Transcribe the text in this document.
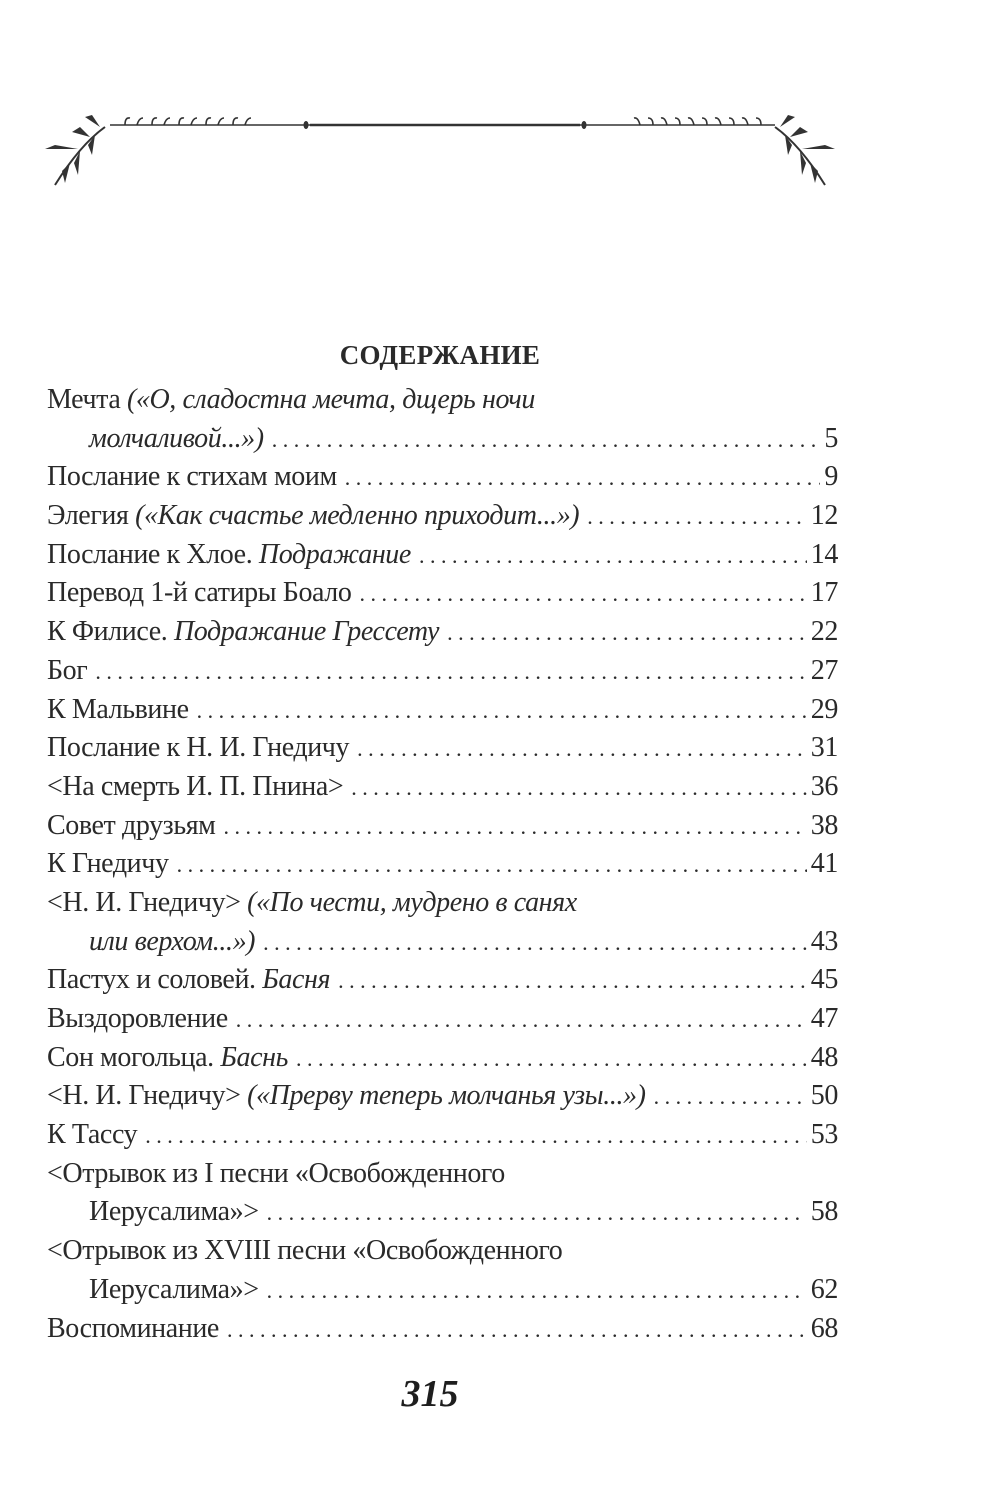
СОДЕРЖАНИЕ
Мечта («О, сладостна мечта, дщерь ночи
молчаливой...») . . .	5
Послание к стихам моим . . .	9
Элегия («Как счастье медленно приходит...») . . .	12
Послание к Хлое. Подражание . . .	14
Перевод 1-й сатиры Боало . . .	17
К Филисе. Подражание Грессету . . .	22
Бог . . .	27
К Мальвине . . .	29
Послание к Н. И. Гнедичу . . .	31
<На смерть И. П. Пнина> . . .	36
Совет друзьям . . .	38
К Гнедичу . . .	41
<Н. И. Гнедичу> («По чести, мудрено в санях
или верхом...») . . .	43
Пастух и соловей. Басня . . .	45
Выздоровление . . .	47
Сон могольца. Баснь . . .	48
<Н. И. Гнедичу> («Прерву теперь молчанья узы...») . . .	50
К Тассу . . .	53
<Отрывок из I песни «Освобожденного
Иерусалима»> . . .	58
<Отрывок из XVIII песни «Освобожденного
Иерусалима»> . . .	62
Воспоминание . . .	68
315
